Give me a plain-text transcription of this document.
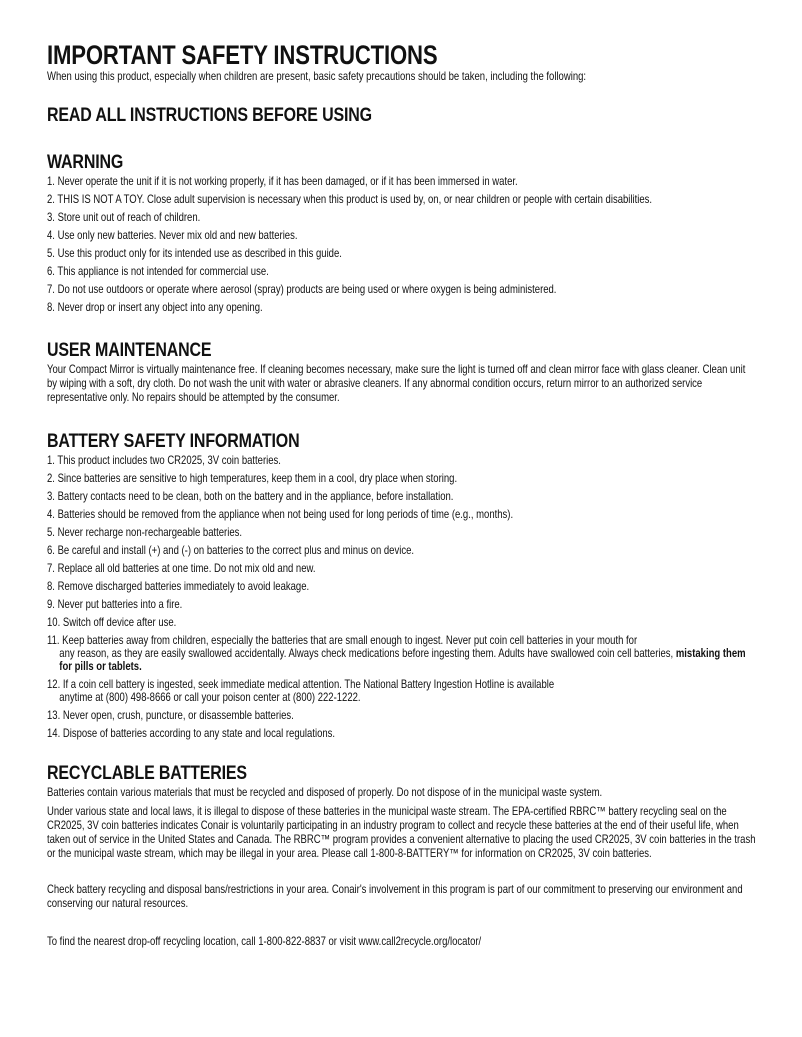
IMPORTANT SAFETY INSTRUCTIONS

When using this product, especially when children are present, basic safety precautions should be taken, including the following:

READ ALL INSTRUCTIONS BEFORE USING
WARNING
1. Never operate the unit if it is not working properly, if it has been damaged, or if it has been immersed in water.
2. THIS IS NOT A TOY. Close adult supervision is necessary when this product is used by, on, or near children or people with certain disabilities.
3. Store unit out of reach of children.
4. Use only new batteries. Never mix old and new batteries.
5. Use this product only for its intended use as described in this guide.
6. This appliance is not intended for commercial use.
7. Do not use outdoors or operate where aerosol (spray) products are being used or where oxygen is being administered.
8. Never drop or insert any object into any opening.
USER MAINTENANCE

Your Compact Mirror is virtually maintenance free. If cleaning becomes necessary, make sure the light is turned off and clean mirror face with glass cleaner. Clean unit by wiping with a soft, dry cloth. Do not wash the unit with water or abrasive cleaners. If any abnormal condition occurs, return mirror to an authorized service representative only. No repairs should be attempted by the consumer.

BATTERY SAFETY INFORMATION
1. This product includes two CR2025, 3V coin batteries.
2. Since batteries are sensitive to high temperatures, keep them in a cool, dry place when storing.
3. Battery contacts need to be clean, both on the battery and in the appliance, before installation.
4. Batteries should be removed from the appliance when not being used for long periods of time (e.g., months).
5. Never recharge non-rechargeable batteries.
6. Be careful and install (+) and (-) on batteries to the correct plus and minus on device.
7. Replace all old batteries at one time. Do not mix old and new.
8. Remove discharged batteries immediately to avoid leakage.
9. Never put batteries into a fire.
10. Switch off device after use.
11. Keep batteries away from children, especially the batteries that are small enough to ingest. Never put coin cell batteries in your mouth for
any reason, as they are easily swallowed accidentally. Always check medications before ingesting them. Adults have swallowed coin cell batteries, mistaking them for pills or tablets.
12. If a coin cell battery is ingested, seek immediate medical attention. The National Battery Ingestion Hotline is available
anytime at (800) 498-8666 or call your poison center at (800) 222-1222.
13. Never open, crush, puncture, or disassemble batteries.
14. Dispose of batteries according to any state and local regulations.
RECYCLABLE BATTERIES

Batteries contain various materials that must be recycled and disposed of properly. Do not dispose of in the municipal waste system.

Under various state and local laws, it is illegal to dispose of these batteries in the municipal waste stream. The EPA-certified RBRC™ battery recycling seal on the CR2025, 3V coin batteries indicates Conair is voluntarily participating in an industry program to collect and recycle these batteries at the end of their useful life, when taken out of service in the United States and Canada. The RBRC™ program provides a convenient alternative to placing the used CR2025, 3V coin batteries in the trash or the municipal waste stream, which may be illegal in your area. Please call 1-800-8-BATTERY™ for information on CR2025, 3V coin batteries.

Check battery recycling and disposal bans/restrictions in your area. Conair's involvement in this program is part of our commitment to preserving our environment and conserving our natural resources.

To find the nearest drop-off recycling location, call 1-800-822-8837 or visit www.call2recycle.org/locator/
